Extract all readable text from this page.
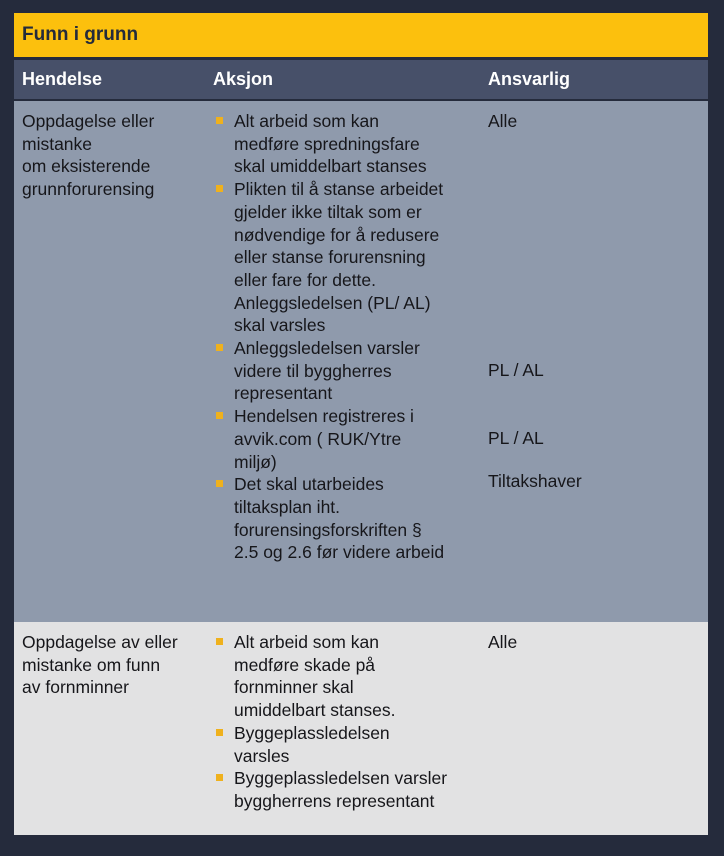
Funn i grunn
Hendelse	Aksjon	Ansvarlig
Oppdagelse eller
mistanke
om eksisterende
grunnforurensing
Alt arbeid som kan
medføre spredningsfare
skal umiddelbart stanses
Plikten til å stanse arbeidet
gjelder ikke tiltak som er
nødvendige for å redusere
eller stanse forurensning
eller fare for dette.
Anleggsledelsen (PL/ AL)
skal varsles
Anleggsledelsen varsler
videre til byggherres
representant
Hendelsen registreres i
avvik.com ( RUK/Ytre
miljø)
Det skal utarbeides
tiltaksplan iht.
forurensingsforskriften §
2.5 og 2.6 før videre arbeid
Alle
PL / AL
PL / AL
Tiltakshaver
Oppdagelse av eller
mistanke om funn
av fornminner
Alt arbeid som kan
medføre skade på
fornminner skal
umiddelbart stanses.
Byggeplassledelsen
varsles
Byggeplassledelsen varsler
byggherrens representant
Alle
